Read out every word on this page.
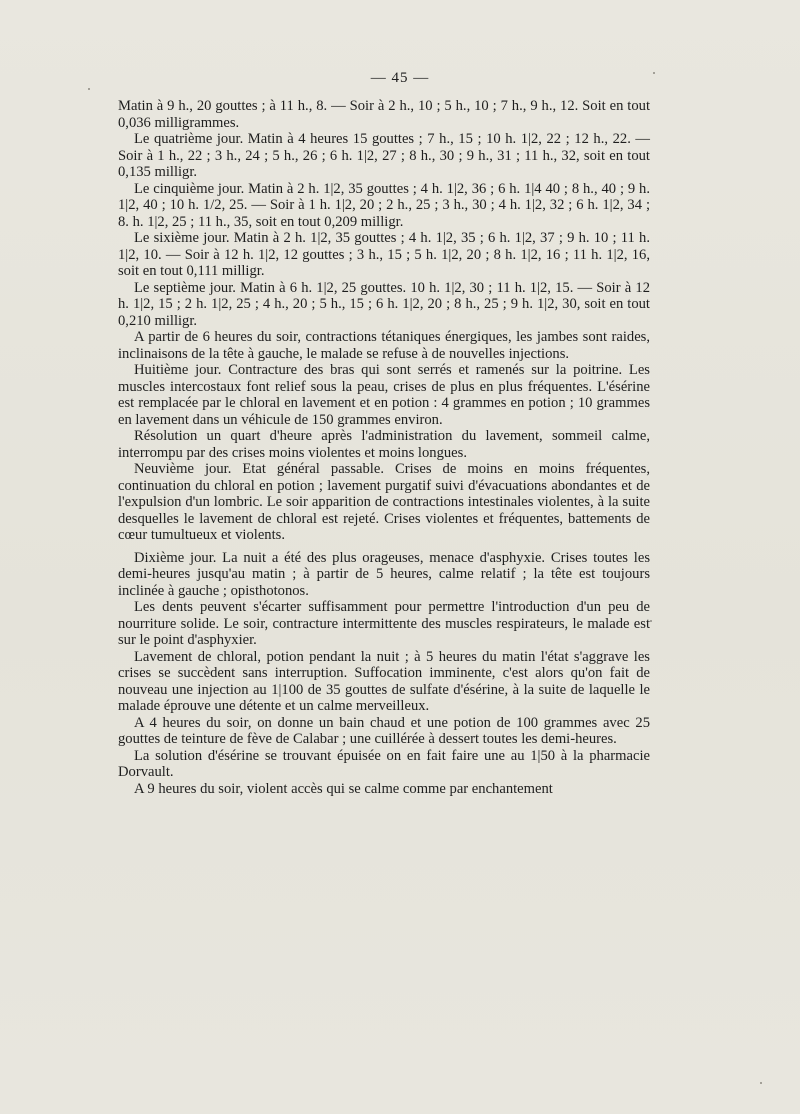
— 45 —

Matin à 9 h., 20 gouttes ; à 11 h., 8. — Soir à 2 h., 10 ; 5 h., 10 ; 7 h., 9 h., 12. Soit en tout 0,036 milligrammes.

Le quatrième jour. Matin à 4 heures 15 gouttes ; 7 h., 15 ; 10 h. 1|2, 22 ; 12 h., 22. — Soir à 1 h., 22 ; 3 h., 24 ; 5 h., 26 ; 6 h. 1|2, 27 ; 8 h., 30 ; 9 h., 31 ; 11 h., 32, soit en tout 0,135 milligr.

Le cinquième jour. Matin à 2 h. 1|2, 35 gouttes ; 4 h. 1|2, 36 ; 6 h. 1|4 40 ; 8 h., 40 ; 9 h. 1|2, 40 ; 10 h. 1/2, 25. — Soir à 1 h. 1|2, 20 ; 2 h., 25 ; 3 h., 30 ; 4 h. 1|2, 32 ; 6 h. 1|2, 34 ; 8. h. 1|2, 25 ; 11 h., 35, soit en tout 0,209 milligr.

Le sixième jour. Matin à 2 h. 1|2, 35 gouttes ; 4 h. 1|2, 35 ; 6 h. 1|2, 37 ; 9 h. 10 ; 11 h. 1|2, 10. — Soir à 12 h. 1|2, 12 gouttes ; 3 h., 15 ; 5 h. 1|2, 20 ; 8 h. 1|2, 16 ; 11 h. 1|2, 16, soit en tout 0,111 milligr.

Le septième jour. Matin à 6 h. 1|2, 25 gouttes. 10 h. 1|2, 30 ; 11 h. 1|2, 15. — Soir à 12 h. 1|2, 15 ; 2 h. 1|2, 25 ; 4 h., 20 ; 5 h., 15 ; 6 h. 1|2, 20 ; 8 h., 25 ; 9 h. 1|2, 30, soit en tout 0,210 milligr.

A partir de 6 heures du soir, contractions tétaniques énergiques, les jambes sont raides, inclinaisons de la tête à gauche, le malade se refuse à de nouvelles injections.

Huitième jour. Contracture des bras qui sont serrés et ramenés sur la poitrine. Les muscles intercostaux font relief sous la peau, crises de plus en plus fréquentes. L'ésérine est remplacée par le chloral en lavement et en potion : 4 grammes en potion ; 10 grammes en lavement dans un véhicule de 150 grammes environ.

Résolution un quart d'heure après l'administration du lavement, sommeil calme, interrompu par des crises moins violentes et moins longues.

Neuvième jour. Etat général passable. Crises de moins en moins fréquentes, continuation du chloral en potion ; lavement purgatif suivi d'évacuations abondantes et de l'expulsion d'un lombric. Le soir apparition de contractions intestinales violentes, à la suite desquelles le lavement de chloral est rejeté. Crises violentes et fréquentes, battements de cœur tumultueux et violents.

Dixième jour. La nuit a été des plus orageuses, menace d'asphyxie. Crises toutes les demi-heures jusqu'au matin ; à partir de 5 heures, calme relatif ; la tête est toujours inclinée à gauche ; opisthotonos.

Les dents peuvent s'écarter suffisamment pour permettre l'introduction d'un peu de nourriture solide. Le soir, contracture intermittente des muscles respirateurs, le malade est sur le point d'asphyxier.

Lavement de chloral, potion pendant la nuit ; à 5 heures du matin l'état s'aggrave les crises se succèdent sans interruption. Suffocation imminente, c'est alors qu'on fait de nouveau une injection au 1|100 de 35 gouttes de sulfate d'ésérine, à la suite de laquelle le malade éprouve une détente et un calme merveilleux.

A 4 heures du soir, on donne un bain chaud et une potion de 100 grammes avec 25 gouttes de teinture de fève de Calabar ; une cuillérée à dessert toutes les demi-heures.

La solution d'ésérine se trouvant épuisée on en fait faire une au 1|50 à la pharmacie Dorvault.

A 9 heures du soir, violent accès qui se calme comme par enchantement
